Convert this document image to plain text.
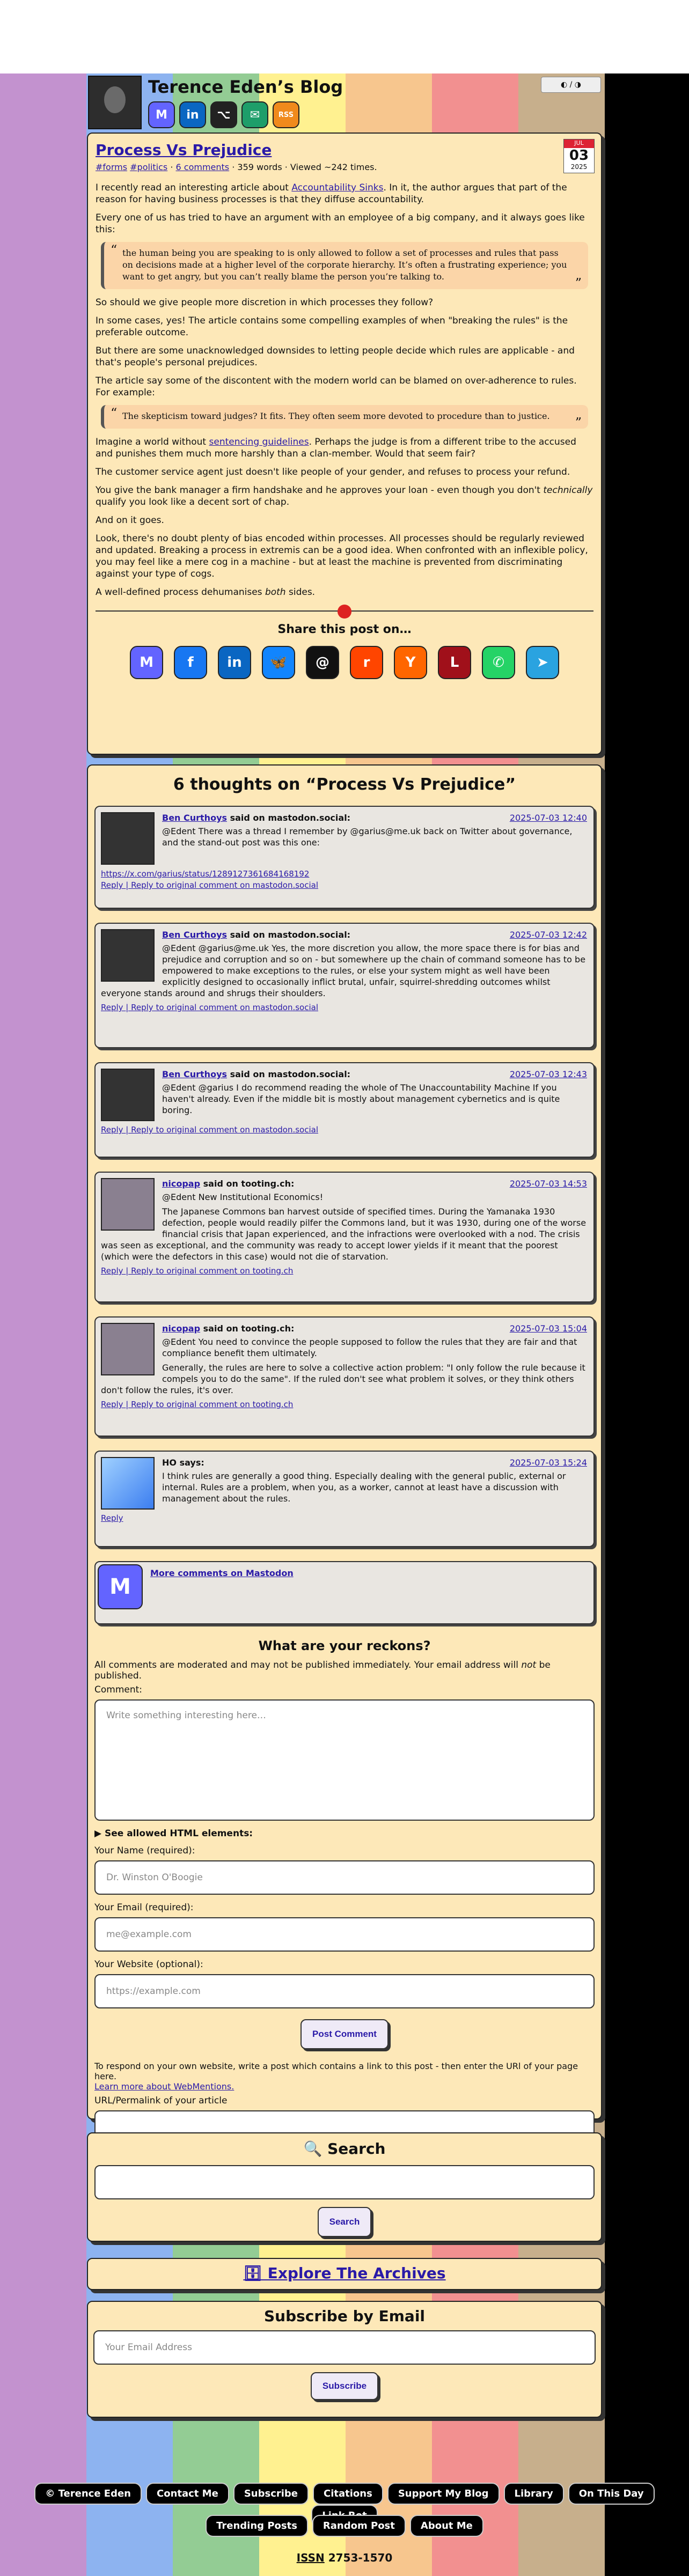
Terence Eden’s Blog
M	in	⌥	✉	RSS
◐ / ◑
JUL
03
2025
Process Vs Prejudice
#forms #politics · 6 comments · 359 words · Viewed ~242 times.

I recently read an interesting article about Accountability Sinks. In it, the author argues that part of the reason for having business processes is that they diffuse accountability.

Every one of us has tried to have an argument with an employee of a big company, and it always goes like this:

“ the human being you are speaking to is only allowed to follow a set of processes and rules that pass on decisions made at a higher level of the corporate hierarchy. It’s often a frustrating experience; you want to get angry, but you can’t really blame the person you’re talking to. ”

So should we give people more discretion in which processes they follow?

In some cases, yes! The article contains some compelling examples of when "breaking the rules" is the preferable outcome.

But there are some unacknowledged downsides to letting people decide which rules are applicable - and that's people's personal prejudices.

The article say some of the discontent with the modern world can be blamed on over-adherence to rules. For example:

“ The skepticism toward judges? It fits. They often seem more devoted to procedure than to justice. ”

Imagine a world without sentencing guidelines. Perhaps the judge is from a different tribe to the accused and punishes them much more harshly than a clan-member. Would that seem fair?

The customer service agent just doesn't like people of your gender, and refuses to process your refund.

You give the bank manager a firm handshake and he approves your loan - even though you don't technically qualify you look like a decent sort of chap.

And on it goes.

Look, there's no doubt plenty of bias encoded within processes. All processes should be regularly reviewed and updated. Breaking a process in extremis can be a good idea. When confronted with an inflexible policy, you may feel like a mere cog in a machine - but at least the machine is prevented from discriminating against your type of cogs.

A well-defined process dehumanises both sides.

Share this post on…
M	f	in	🦋	@	r	Y	L	✆	➤
6 thoughts on “Process Vs Prejudice”
Ben Curthoys said on mastodon.social:	2025-07-03 12:40

@Edent There was a thread I remember by @garius@me.uk back on Twitter about governance, and the stand-out post was this one:

https://x.com/garius/status/1289127361684168192
Reply | Reply to original comment on mastodon.social
Ben Curthoys said on mastodon.social:	2025-07-03 12:42

@Edent @garius@me.uk Yes, the more discretion you allow, the more space there is for bias and prejudice and corruption and so on - but somewhere up the chain of command someone has to be empowered to make exceptions to the rules, or else your system might as well have been explicitly designed to occasionally inflict brutal, unfair, squirrel-shredding outcomes whilst everyone stands around and shrugs their shoulders.

Reply | Reply to original comment on mastodon.social
Ben Curthoys said on mastodon.social:	2025-07-03 12:43

@Edent @garius I do recommend reading the whole of The Unaccountability Machine If you haven't already. Even if the middle bit is mostly about management cybernetics and is quite boring.

Reply | Reply to original comment on mastodon.social
nicopap said on tooting.ch:	2025-07-03 14:53

@Edent New Institutional Economics!

The Japanese Commons ban harvest outside of specified times. During the Yamanaka 1930 defection, people would readily pilfer the Commons land, but it was 1930, during one of the worse financial crisis that Japan experienced, and the infractions were overlooked with a nod. The crisis was seen as exceptional, and the community was ready to accept lower yields if it meant that the poorest (which were the defectors in this case) would not die of starvation.

Reply | Reply to original comment on tooting.ch
nicopap said on tooting.ch:	2025-07-03 15:04

@Edent You need to convince the people supposed to follow the rules that they are fair and that compliance benefit them ultimately.

Generally, the rules are here to solve a collective action problem: "I only follow the rule because it compels you to do the same". If the ruled don't see what problem it solves, or they think others don't follow the rules, it's over.

Reply | Reply to original comment on tooting.ch
HO says:	2025-07-03 15:24

I think rules are generally a good thing. Especially dealing with the general public, external or internal. Rules are a problem, when you, as a worker, cannot at least have a discussion with management about the rules.

Reply
M
More comments on Mastodon
What are your reckons?
All comments are moderated and may not be published immediately. Your email address will not be published.
Comment:
Write something interesting here…
▶ See allowed HTML elements:
Your Name (required):
Dr. Winston O'Boogie
Your Email (required):
me@example.com
Your Website (optional):
https://example.com
Post Comment
To respond on your own website, write a post which contains a link to this post - then enter the URl of your page here.
Learn more about WebMentions.
URL/Permalink of your article
🔍 Search
Search
🗄 Explore The Archives
Subscribe by Email
Your Email Address
Subscribe
© Terence Eden	Contact Me	Subscribe	Citations	Support My Blog	Library	On This Day
Trending Posts	Random Post	About Me
ISSN 2753-1570
